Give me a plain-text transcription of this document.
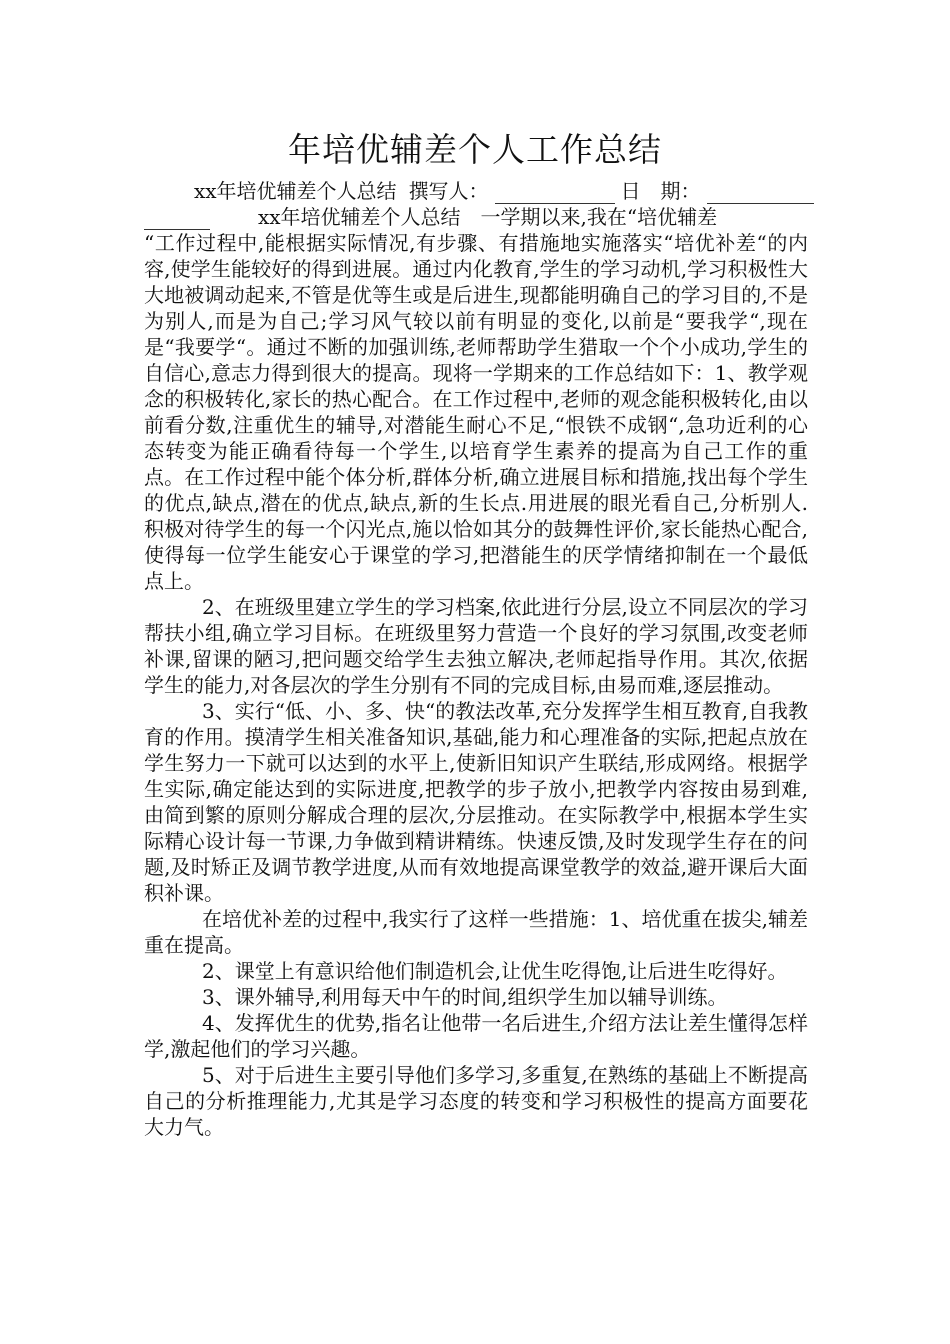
年培优辅差个人工作总结
xx年培优辅差个人总结 撰写人：	日　期：
xx年培优辅差个人总结　一学期以来,我在“培优辅差

“工作过程中,能根据实际情况,有步骤、有措施地实施落实“培优补差“的内容,使学生能较好的得到进展。通过内化教育,学生的学习动机,学习积极性大大地被调动起来,不管是优等生或是后进生,现都能明确自己的学习目的,不是为别人,而是为自己;学习风气较以前有明显的变化,以前是“要我学“,现在是“我要学“。通过不断的加强训练,老师帮助学生猎取一个个小成功,学生的自信心,意志力得到很大的提高。现将一学期来的工作总结如下：1、教学观念的积极转化,家长的热心配合。在工作过程中,老师的观念能积极转化,由以前看分数,注重优生的辅导,对潜能生耐心不足,“恨铁不成钢“,急功近利的心态转变为能正确看待每一个学生,以培育学生素养的提高为自己工作的重点。在工作过程中能个体分析,群体分析,确立进展目标和措施,找出每个学生的优点,缺点,潜在的优点,缺点,新的生长点.用进展的眼光看自己,分析别人.积极对待学生的每一个闪光点,施以恰如其分的鼓舞性评价,家长能热心配合,使得每一位学生能安心于课堂的学习,把潜能生的厌学情绪抑制在一个最低点上。

2、在班级里建立学生的学习档案,依此进行分层,设立不同层次的学习帮扶小组,确立学习目标。在班级里努力营造一个良好的学习氛围,改变老师补课,留课的陋习,把问题交给学生去独立解决,老师起指导作用。其次,依据学生的能力,对各层次的学生分别有不同的完成目标,由易而难,逐层推动。

3、实行“低、小、多、快“的教法改革,充分发挥学生相互教育,自我教育的作用。摸清学生相关准备知识,基础,能力和心理准备的实际,把起点放在学生努力一下就可以达到的水平上,使新旧知识产生联结,形成网络。根据学生实际,确定能达到的实际进度,把教学的步子放小,把教学内容按由易到难,由简到繁的原则分解成合理的层次,分层推动。在实际教学中,根据本学生实际精心设计每一节课,力争做到精讲精练。快速反馈,及时发现学生存在的问题,及时矫正及调节教学进度,从而有效地提高课堂教学的效益,避开课后大面积补课。

在培优补差的过程中,我实行了这样一些措施：1、培优重在拔尖,辅差重在提高。

2、课堂上有意识给他们制造机会,让优生吃得饱,让后进生吃得好。

3、课外辅导,利用每天中午的时间,组织学生加以辅导训练。

4、发挥优生的优势,指名让他带一名后进生,介绍方法让差生懂得怎样学,激起他们的学习兴趣。

5、对于后进生主要引导他们多学习,多重复,在熟练的基础上不断提高自己的分析推理能力,尤其是学习态度的转变和学习积极性的提高方面要花大力气。
